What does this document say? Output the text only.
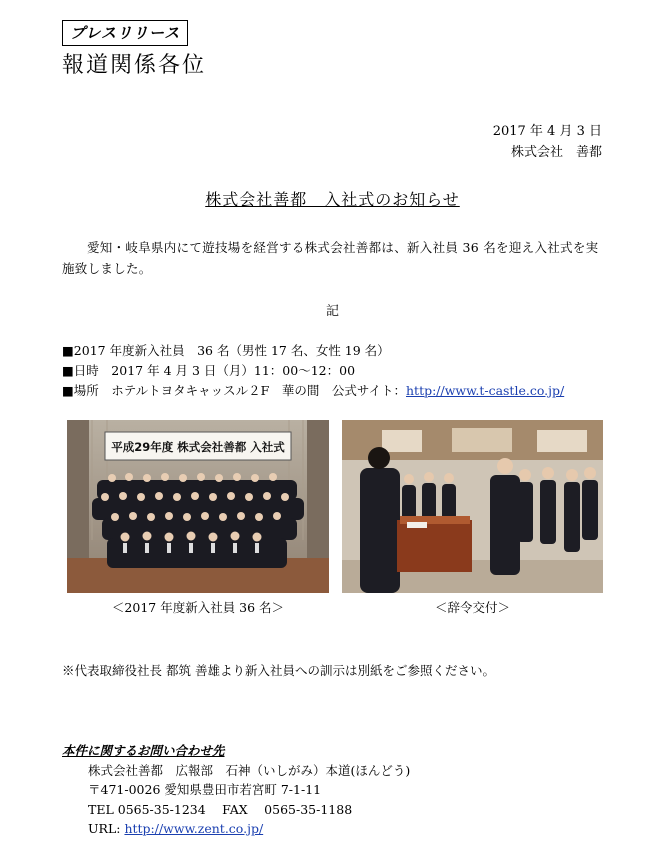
プレスリリース
報道関係各位
2017 年 4 月 3 日
株式会社　善都
株式会社善都　入社式のお知らせ
愛知・岐阜県内にて遊技場を経営する株式会社善都は、新入社員 36 名を迎え入社式を実施致しました。
記
■2017 年度新入社員　36 名（男性 17 名、女性 19 名）
■日時　2017 年 4 月 3 日（月）11：00～12：00
■場所　ホテルトヨタキャッスル２F　華の間　公式サイト：http://www.t-castle.co.jp/
平成29年度 株式会社善都 入社式
＜2017 年度新入社員 36 名＞	＜辞令交付＞
※代表取締役社長 都筑 善雄より新入社員への訓示は別紙をご参照ください。
本件に関するお問い合わせ先
株式会社善都　広報部　石神（いしがみ）本道(ほんどう)
〒471-0026 愛知県豊田市若宮町 7-1-11
TEL 0565-35-1234　 FAX　 0565-35-1188
URL: http://www.zent.co.jp/
